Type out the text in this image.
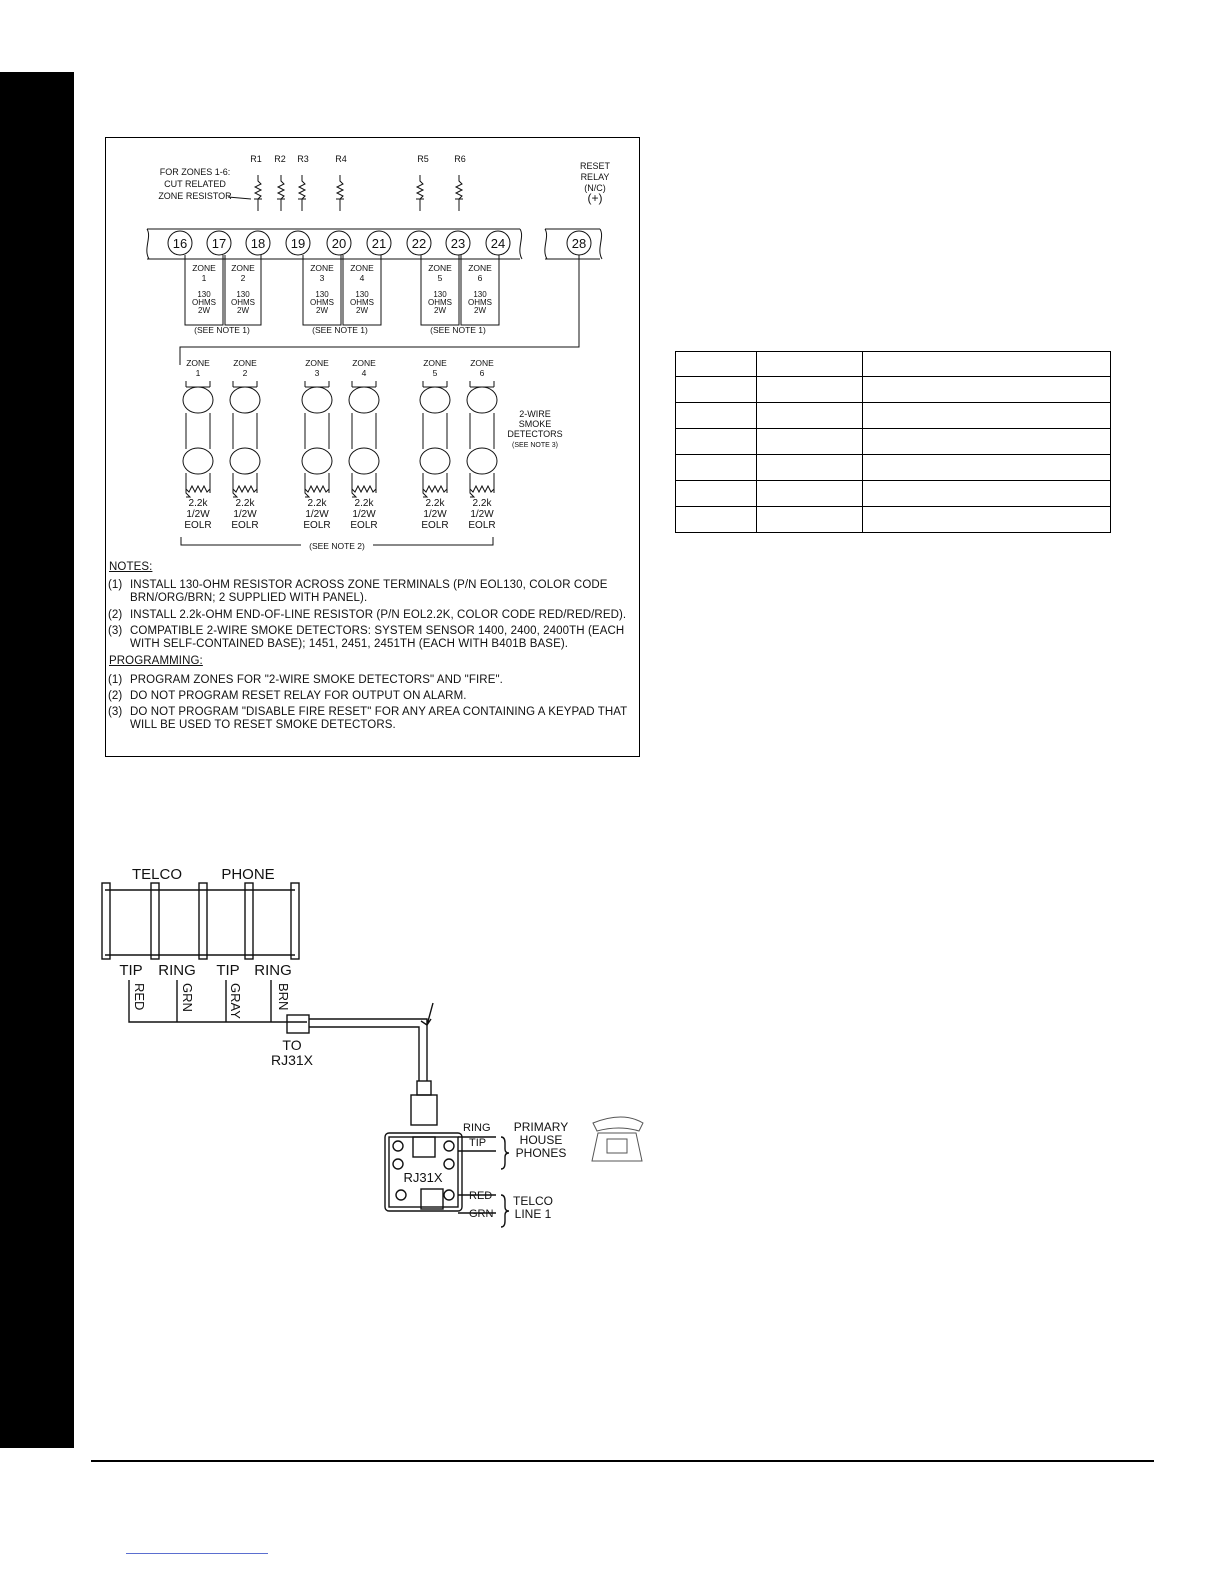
R1 R2 R3	R4	R5	R6
FOR ZONES 1-6:
CUT RELATED
ZONE RESISTOR
RESET
RELAY
(N/C)
(+)
16 17 18 19 20 21 22 23 24	28
ZONE
1
130
OHMS
2W
ZONE
2
130
OHMS
2W
ZONE
3
130
OHMS
2W
ZONE
4
130
OHMS
2W
ZONE
5
130
OHMS
2W
ZONE
6
130
OHMS
2W
(SEE NOTE 1)	(SEE NOTE 1)	(SEE NOTE 1)
ZONE
1
2.2k
1/2W
EOLR
ZONE
2
2.2k
1/2W
EOLR
ZONE
3
2.2k
1/2W
EOLR
ZONE
4
2.2k
1/2W
EOLR
ZONE
5
2.2k
1/2W
EOLR
ZONE
6
2.2k
1/2W
EOLR
2-WIRE
SMOKE
DETECTORS
(SEE NOTE 3)
(SEE NOTE 2)
NOTES:
(1) INSTALL 130-OHM RESISTOR ACROSS ZONE TERMINALS (P/N EOL130, COLOR CODE BRN/ORG/BRN; 2 SUPPLIED WITH PANEL).
(2) INSTALL 2.2k-OHM END-OF-LINE RESISTOR (P/N EOL2.2K, COLOR CODE RED/RED/RED).
(3) COMPATIBLE 2-WIRE SMOKE DETECTORS: SYSTEM SENSOR 1400, 2400, 2400TH (EACH WITH SELF-CONTAINED BASE); 1451, 2451, 2451TH (EACH WITH B401B BASE).
PROGRAMMING:
(1) PROGRAM ZONES FOR "2-WIRE SMOKE DETECTORS" AND "FIRE".
(2) DO NOT PROGRAM RESET RELAY FOR OUTPUT ON ALARM.
(3) DO NOT PROGRAM "DISABLE FIRE RESET" FOR ANY AREA CONTAINING A KEYPAD THAT WILL BE USED TO RESET SMOKE DETECTORS.

TELCO	PHONE
TIP RING TIP RING
RED	GRN	GRAY	BRN
TO
RJ31X
RJ31X
RING
TIP
PRIMARY
HOUSE
PHONES
RED
GRN
TELCO
LINE 1
